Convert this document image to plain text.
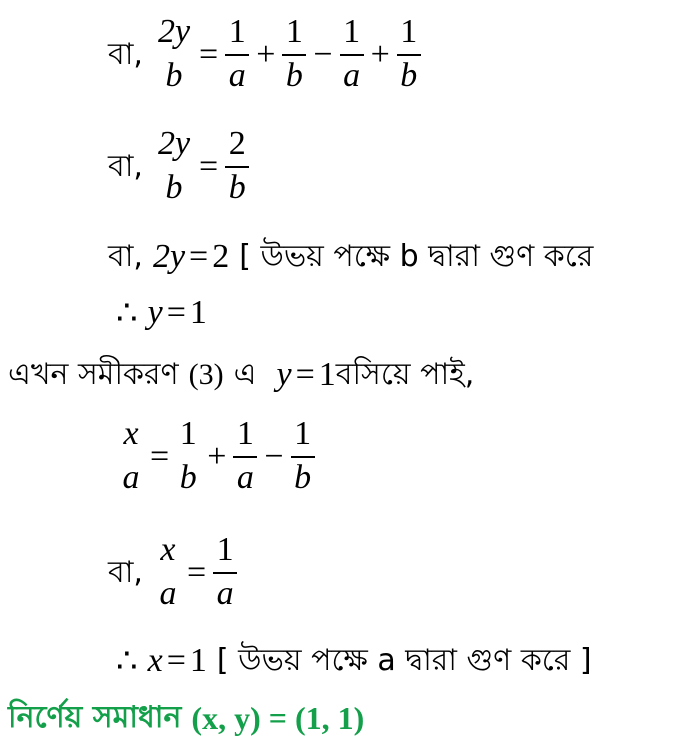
বা,
2y
b
= $\frac{1}{a} + \frac{1}{b} - \frac{1}{a} + \frac{1}{b}$
বা,
2y
b
= $\frac{2}{b}$
বা, 2y = 2 [ উভয় পক্ষে b দ্বারা গুণ করে
∴ y = 1
এখন সমীকরণ (3) এ y = 1 বসিয়ে পাই,
x
a
=
1
b
+ $\frac{1}{a} - \frac{1}{b}$
বা,
x
a
= $\frac{1}{a}$
∴ x = 1 [ উভয় পক্ষে a দ্বারা গুণ করে ]
নির্ণেয় সমাধান (x, y) = (1, 1)
